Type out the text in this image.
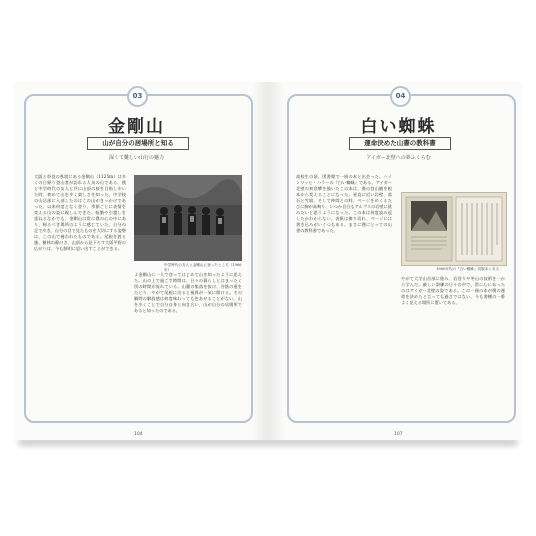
03
金剛山
山が自分の居場所と知る
深くて難しい山行の魅力
大阪と奈良の県境にある金剛山（1125m）は多くの日帰り登山者が訪れる人気の山である。僕と中学時代の友人と共に山頂の桜を目指し歩いた時、初めて山を歩く楽しさを知った。中学校の山岳部に入部したのはこの山がきっかけであった。以来何度となく登り、季節ごとに表情を変える山の姿に親しんできた。転勤や引越しを重ねるなかでも、金剛山は常に僕の心の中にあり、帰るべき場所のように感じていた。自分の足で歩き、自分の目で見たものを大切にする姿勢は、この山で養われたものである。尾根を渡る風、樹林の静けさ、山頂から見下ろす大阪平野の広がりは、今も鮮明に思い出すことができる。
中学時代の友人と金剛山に登ったところ（1966年）
よ金剛山に一人で登ってはじめて山を知ったように思えた。山の上で過ごす時間は、日々の暮らしとはまったく別の時間が流れている。山麓の集落を抜け、谷筋の道をたどり、やがて尾根に出ると視界が一気に開ける。その瞬間の解放感は何度味わっても色あせることがない。山を歩くことで自分自身と向き合い、山が自分の居場所であると知ったのである。
104
04
白い蜘蛛
運命決めた山書の教科書
アイガー北壁への夢ふくらむ
高校生の頃、図書館で一冊の本と出会った。ハインリッヒ・ハラーの『白い蜘蛛』である。アイガー北壁の初登攀を描いたこの本は、僕の登山観を根本から変えることになった。垂直に近い岩壁、落石と雪崩、そして仲間との絆。ページをめくるたびに胸が高鳴り、いつか自分もアルプスの岩壁に挑みたいと思うようになった。この本は何度読み返したかわからない。表紙は擦り切れ、ページには書き込みがいくつもある。まさに僕にとっての山書の教科書であった。
1960年代の『白い蜘蛛』初版本と本文
やがて大学山岳部に進み、岩登りや冬山の技術を一から学んだ。厳しい訓練の日々の中で、常に心にあったのはアイガー北壁の姿である。この一冊の本が僕の運命を決めたと言っても過言ではない。今も書棚の一番よく見える場所に置いてある。
107
